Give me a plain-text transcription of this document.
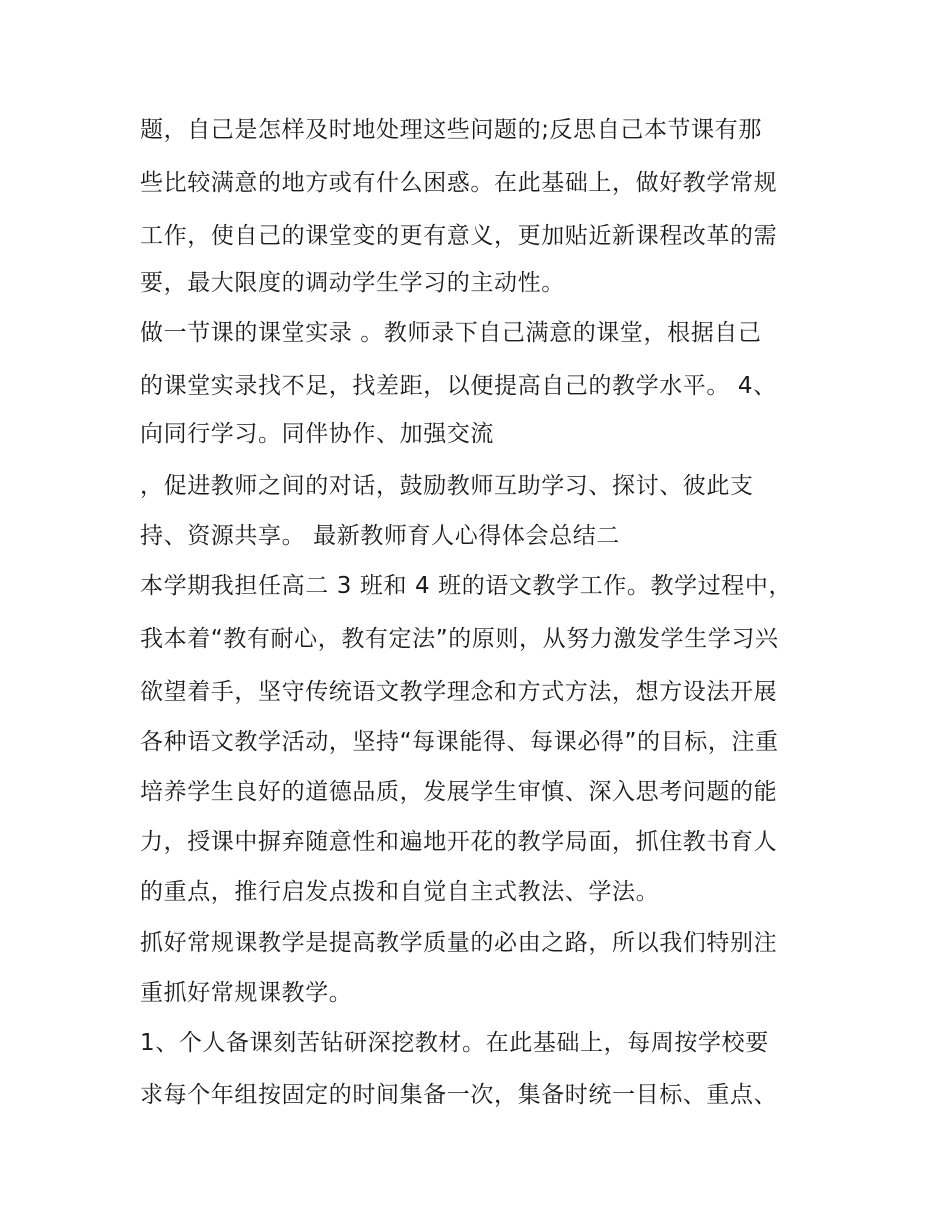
题，自己是怎样及时地处理这些问题的;反思自己本节课有那
些比较满意的地方或有什么困惑。在此基础上，做好教学常规
工作，使自己的课堂变的更有意义，更加贴近新课程改革的需
要，最大限度的调动学生学习的主动性。
做一节课的课堂实录 。教师录下自己满意的课堂，根据自己
的课堂实录找不足，找差距，以便提高自己的教学水平。 4、
向同行学习。同伴协作、加强交流
，促进教师之间的对话，鼓励教师互助学习、探讨、彼此支
持、资源共享。 最新教师育人心得体会总结二
本学期我担任高二 3 班和 4 班的语文教学工作。教学过程中，
我本着“教有耐心，教有定法”的原则，从努力激发学生学习兴
欲望着手，坚守传统语文教学理念和方式方法，想方设法开展
各种语文教学活动，坚持“每课能得、每课必得”的目标，注重
培养学生良好的道德品质，发展学生审慎、深入思考问题的能
力，授课中摒弃随意性和遍地开花的教学局面，抓住教书育人
的重点，推行启发点拨和自觉自主式教法、学法。
抓好常规课教学是提高教学质量的必由之路，所以我们特别注
重抓好常规课教学。
1、个人备课刻苦钻研深挖教材。在此基础上，每周按学校要
求每个年组按固定的时间集备一次，集备时统一目标、重点、
